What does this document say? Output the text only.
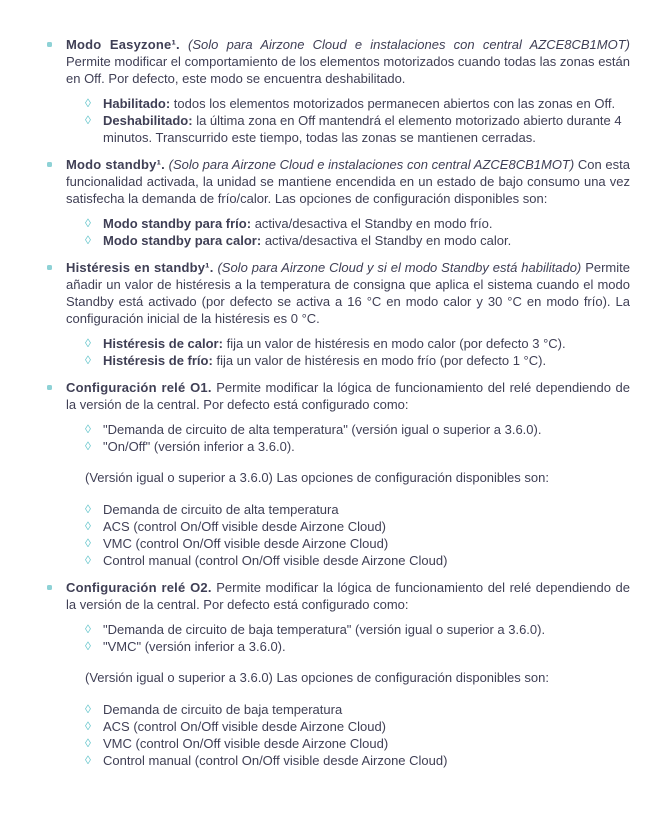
Modo Easyzone¹. (Solo para Airzone Cloud e instalaciones con central AZCE8CB1MOT) Permite modificar el comportamiento de los elementos motorizados cuando todas las zonas están en Off. Por defecto, este modo se encuentra deshabilitado.

◊ Habilitado: todos los elementos motorizados permanecen abiertos con las zonas en Off.
◊ Deshabilitado: la última zona en Off mantendrá el elemento motorizado abierto durante 4 minutos. Transcurrido este tiempo, todas las zonas se mantienen cerradas.

Modo standby¹. (Solo para Airzone Cloud e instalaciones con central AZCE8CB1MOT) Con esta funcionalidad activada, la unidad se mantiene encendida en un estado de bajo consumo una vez satisfecha la demanda de frío/calor. Las opciones de configuración disponibles son:

◊ Modo standby para frío: activa/desactiva el Standby en modo frío.
◊ Modo standby para calor: activa/desactiva el Standby en modo calor.

Histéresis en standby¹. (Solo para Airzone Cloud y si el modo Standby está habilitado) Permite añadir un valor de histéresis a la temperatura de consigna que aplica el sistema cuando el modo Standby está activado (por defecto se activa a 16 °C en modo calor y 30 °C en modo frío). La configuración inicial de la histéresis es 0 °C.

◊ Histéresis de calor: fija un valor de histéresis en modo calor (por defecto 3 °C).
◊ Histéresis de frío: fija un valor de histéresis en modo frío (por defecto 1 °C).

Configuración relé O1. Permite modificar la lógica de funcionamiento del relé dependiendo de la versión de la central. Por defecto está configurado como:

◊ "Demanda de circuito de alta temperatura" (versión igual o superior a 3.6.0).
◊ "On/Off" (versión inferior a 3.6.0).

(Versión igual o superior a 3.6.0) Las opciones de configuración disponibles son:

◊ Demanda de circuito de alta temperatura
◊ ACS (control On/Off visible desde Airzone Cloud)
◊ VMC (control On/Off visible desde Airzone Cloud)
◊ Control manual (control On/Off visible desde Airzone Cloud)

Configuración relé O2. Permite modificar la lógica de funcionamiento del relé dependiendo de la versión de la central. Por defecto está configurado como:

◊ "Demanda de circuito de baja temperatura" (versión igual o superior a 3.6.0).
◊ "VMC" (versión inferior a 3.6.0).

(Versión igual o superior a 3.6.0) Las opciones de configuración disponibles son:

◊ Demanda de circuito de baja temperatura
◊ ACS (control On/Off visible desde Airzone Cloud)
◊ VMC (control On/Off visible desde Airzone Cloud)
◊ Control manual (control On/Off visible desde Airzone Cloud)
